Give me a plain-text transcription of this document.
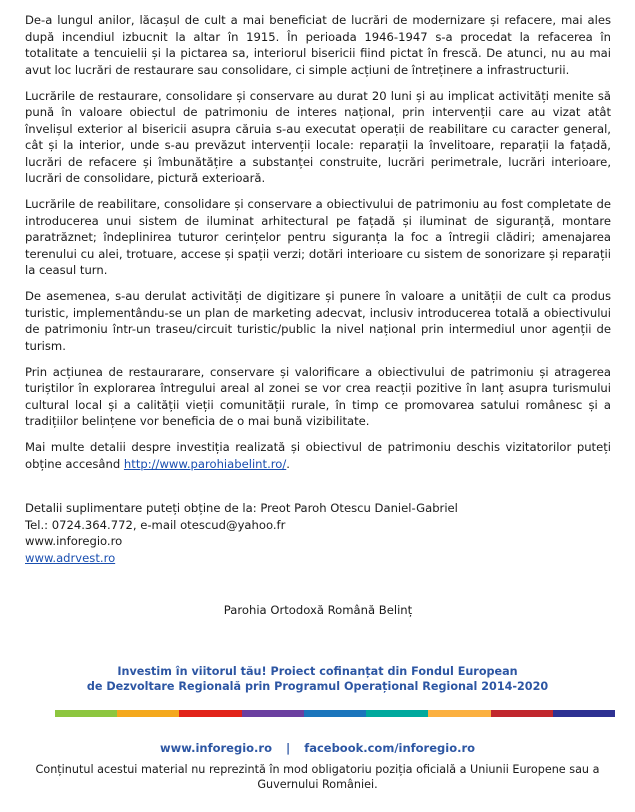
De-a lungul anilor, lăcașul de cult a mai beneficiat de lucrări de modernizare și refacere, mai ales după incendiul izbucnit la altar în 1915. În perioada 1946-1947 s-a procedat la refacerea în totalitate a tencuielii și la pictarea sa, interiorul bisericii fiind pictat în frescă. De atunci, nu au mai avut loc lucrări de restaurare sau consolidare, ci simple acțiuni de întreținere a infrastructurii.

Lucrările de restaurare, consolidare și conservare au durat 20 luni și au implicat activități menite să pună în valoare obiectul de patrimoniu de interes național, prin intervenții care au vizat atât învelișul exterior al bisericii asupra căruia s-au executat operații de reabilitare cu caracter general, cât și la interior, unde s-au prevăzut intervenții locale: reparații la învelitoare, reparații la fațadă, lucrări de refacere și îmbunătățire a substanței construite, lucrări perimetrale, lucrări interioare, lucrări de consolidare, pictură exterioară.

Lucrările de reabilitare, consolidare și conservare a obiectivului de patrimoniu au fost completate de introducerea unui sistem de iluminat arhitectural pe fațadă și iluminat de siguranță, montare paratrăznet; îndeplinirea tuturor cerințelor pentru siguranța la foc a întregii clădiri; amenajarea terenului cu alei, trotuare, accese și spații verzi; dotări interioare cu sistem de sonorizare și reparații la ceasul turn.

De asemenea, s-au derulat activități de digitizare și punere în valoare a unității de cult ca produs turistic, implementându-se un plan de marketing adecvat, inclusiv introducerea totală a obiectivului de patrimoniu într-un traseu/circuit turistic/public la nivel național prin intermediul unor agenții de turism.

Prin acțiunea de restaurarare, conservare și valorificare a obiectivului de patrimoniu și atragerea turiștilor în explorarea întregului areal al zonei se vor crea reacții pozitive în lanț asupra turismului cultural local și a calității vieții comunității rurale, în timp ce promovarea satului românesc și a tradițiilor belințene vor beneficia de o mai bună vizibilitate.

Mai multe detalii despre investiția realizată și obiectivul de patrimoniu deschis vizitatorilor puteți obține accesând http://www.parohiabelint.ro/.

Detalii suplimentare puteți obține de la: Preot Paroh Otescu Daniel-Gabriel
Tel.: 0724.364.772, e-mail otescud@yahoo.fr
www.inforegio.ro
www.adrvest.ro
Parohia Ortodoxă Română Belinț
Investim în viitorul tău! Proiect cofinanțat din Fondul European
de Dezvoltare Regională prin Programul Operațional Regional 2014-2020
www.inforegio.ro | facebook.com/inforegio.ro
Conținutul acestui material nu reprezintă în mod obligatoriu poziția oficială a Uniunii Europene sau a Guvernului României.
